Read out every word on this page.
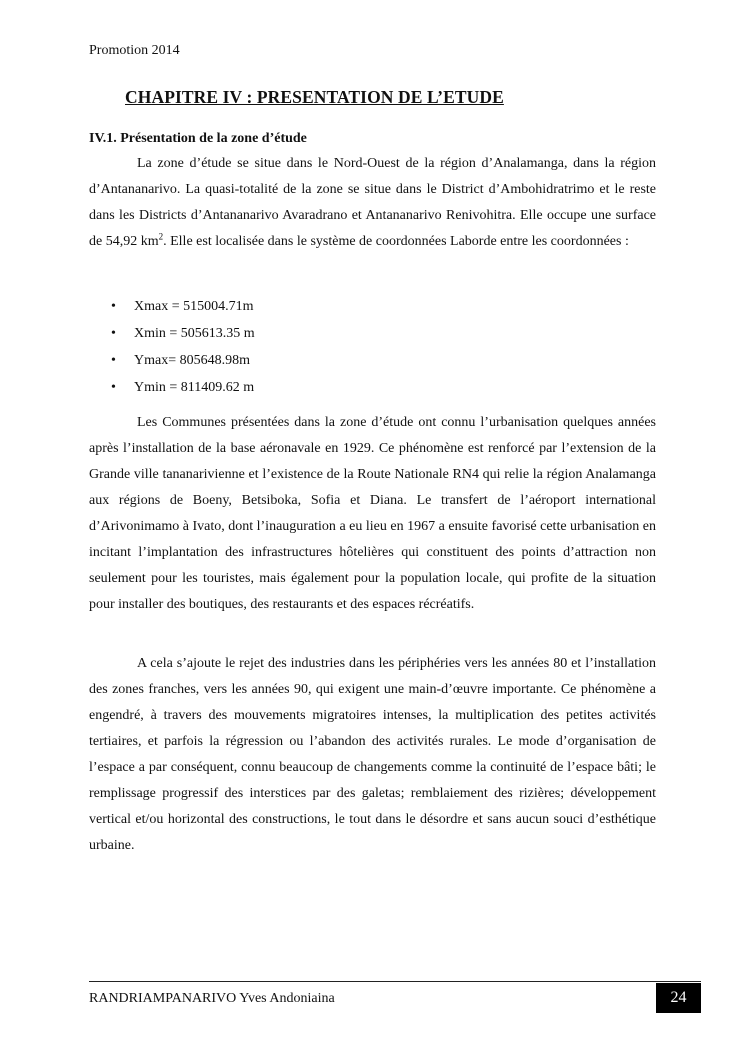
Promotion 2014
CHAPITRE IV : PRESENTATION DE L’ETUDE
IV.1. Présentation de la zone d’étude

La zone d’étude se situe dans le Nord-Ouest de la région d’Analamanga, dans la région d’Antananarivo. La quasi-totalité de la zone se situe dans le District d’Ambohidratrimo et le reste dans les Districts d’Antananarivo Avaradrano et Antananarivo Renivohitra. Elle occupe une surface de 54,92 $km^2$. Elle est localisée dans le système de coordonnées Laborde entre les coordonnées :

• Xmax = 515004.71m
• Xmin = 505613.35 m
• Ymax= 805648.98m
• Ymin = 811409.62 m

Les Communes présentées dans la zone d’étude ont connu l’urbanisation quelques années après l’installation de la base aéronavale en 1929. Ce phénomène est renforcé par l’extension de la Grande ville tananarivienne et l’existence de la Route Nationale RN4 qui relie la région Analamanga aux régions de Boeny, Betsiboka, Sofia et Diana. Le transfert de l’aéroport international d’Arivonimamo à Ivato, dont l’inauguration a eu lieu en 1967 a ensuite favorisé cette urbanisation en incitant l’implantation des infrastructures hôtelières qui constituent des points d’attraction non seulement pour les touristes, mais également pour la population locale, qui profite de la situation pour installer des boutiques, des restaurants et des espaces récréatifs.

A cela s’ajoute le rejet des industries dans les périphéries vers les années 80 et l’installation des zones franches, vers les années 90, qui exigent une main-d’œuvre importante. Ce phénomène a engendré, à travers des mouvements migratoires intenses, la multiplication des petites activités tertiaires, et parfois la régression ou l’abandon des activités rurales. Le mode d’organisation de l’espace a par conséquent, connu beaucoup de changements comme la continuité de l’espace bâti; le remplissage progressif des interstices par des galetas; remblaiement des rizières; développement vertical et/ou horizontal des constructions, le tout dans le désordre et sans aucun souci d’esthétique urbaine.

RANDRIAMPANARIVO Yves Andoniaina	24
